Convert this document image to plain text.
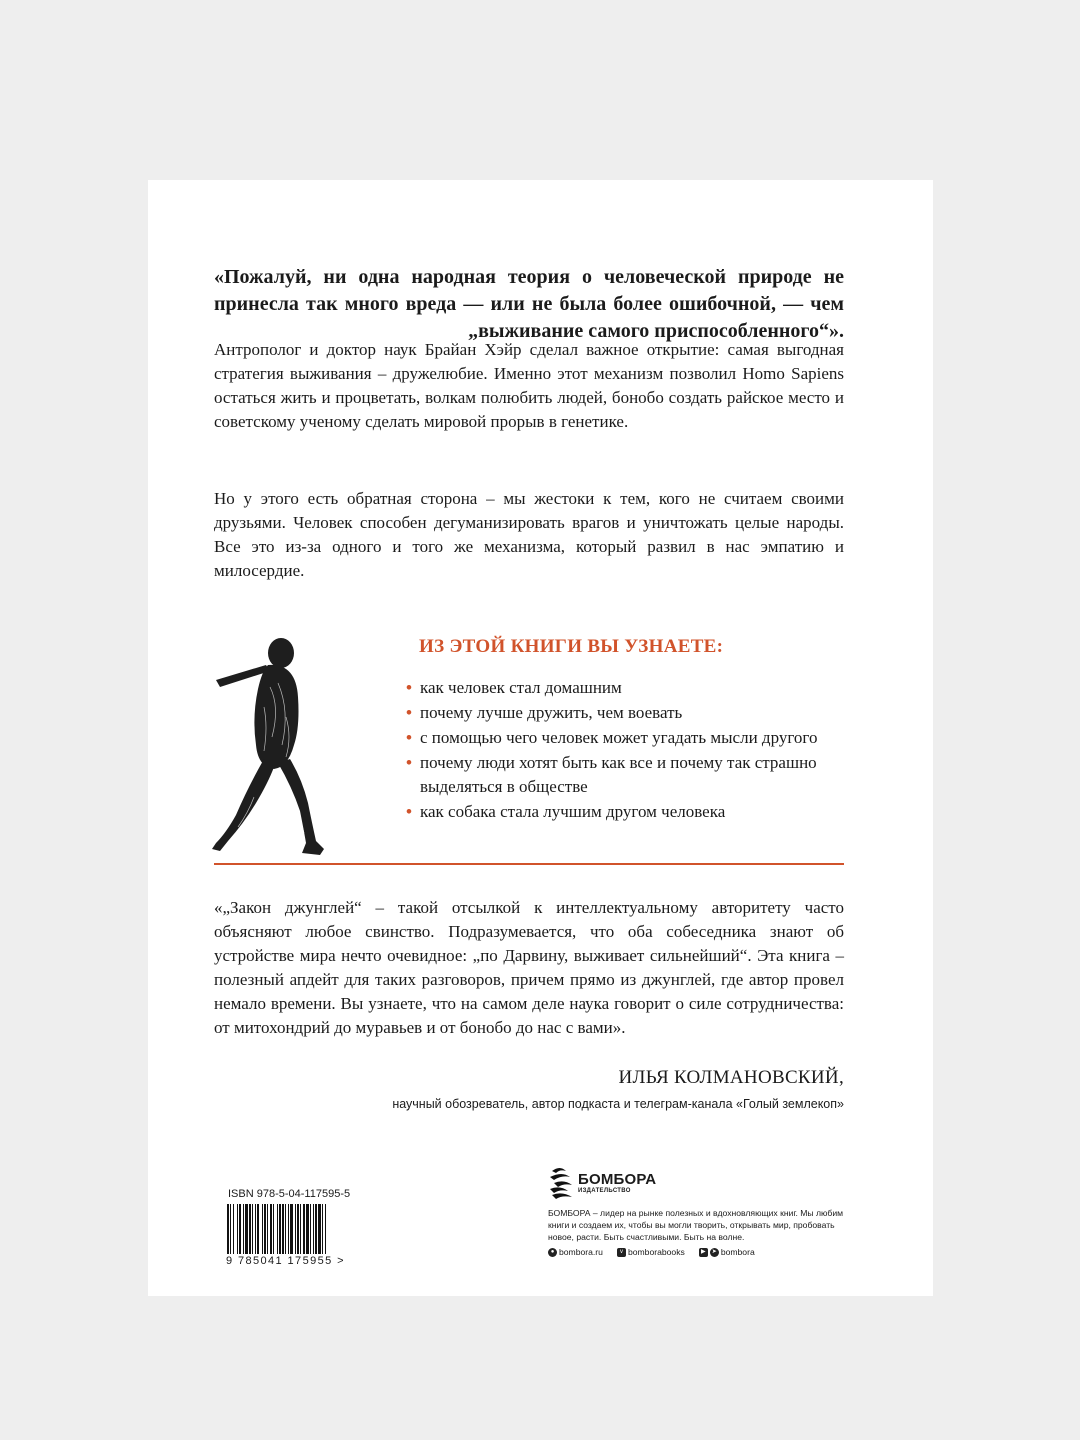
«Пожалуй, ни одна народная теория о человеческой природе не принесла так много вреда — или не была более ошибочной, — чем „выживание самого приспособленного“».

Антрополог и доктор наук Брайан Хэйр сделал важное открытие: самая выгодная стратегия выживания – дружелюбие. Именно этот механизм позволил Homo Sapiens остаться жить и процветать, волкам полюбить людей, бонобо создать райское место и советскому ученому сделать мировой прорыв в генетике.

Но у этого есть обратная сторона – мы жестоки к тем, кого не считаем своими друзьями. Человек способен дегуманизировать врагов и уничтожать целые народы. Все это из-за одного и того же механизма, который развил в нас эмпатию и милосердие.

ИЗ ЭТОЙ КНИГИ ВЫ УЗНАЕТЕ:

• как человек стал домашним
• почему лучше дружить, чем воевать
• с помощью чего человек может угадать мысли другого
• почему люди хотят быть как все и почему так страшно выделяться в обществе
• как собака стала лучшим другом человека

«„Закон джунглей“ – такой отсылкой к интеллектуальному авторитету часто объясняют любое свинство. Подразумевается, что оба собеседника знают об устройстве мира нечто очевидное: „по Дарвину, выживает сильнейший“. Эта книга – полезный апдейт для таких разговоров, причем прямо из джунглей, где автор провел немало времени. Вы узнаете, что на самом деле наука говорит о силе сотрудничества: от митохондрий до муравьев и от бонобо до нас с вами».

ИЛЬЯ КОЛМАНОВСКИЙ,

научный обозреватель, автор подкаста и телеграм-канала «Голый землекоп»

ISBN 978-5-04-117595-5

9 785041 175955 >

БОМБОРА
ИЗДАТЕЛЬСТВО

БОМБОРА – лидер на рынке полезных и вдохновляющих книг. Мы любим книги и создаем их, чтобы вы могли творить, открывать мир, пробовать новое, расти. Быть счастливыми. Быть на волне.

● bombora.ru	v bomborabooks	▶	➤ bombora
